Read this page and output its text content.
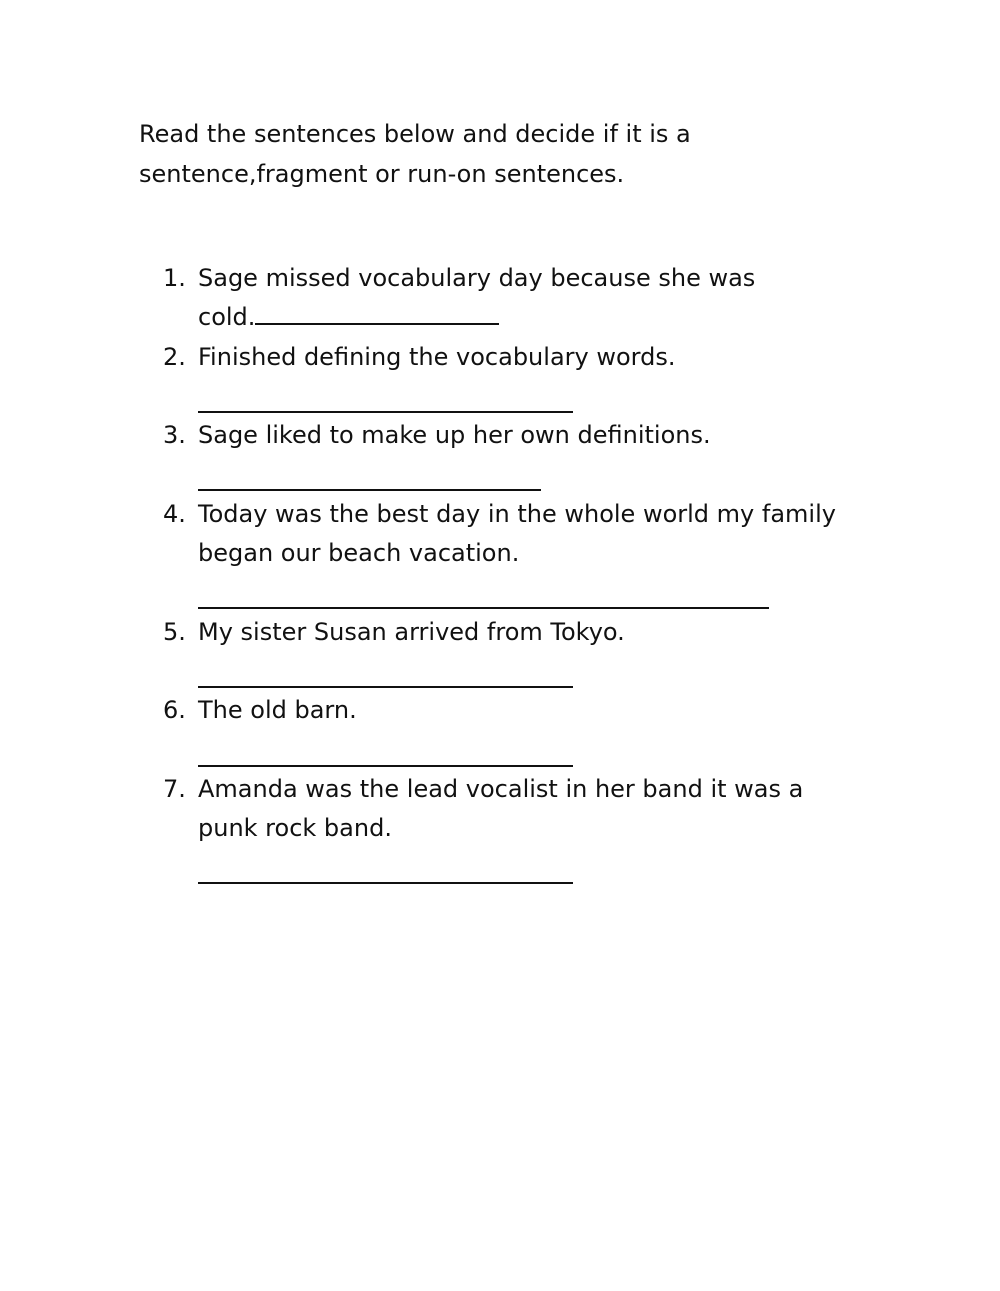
Read the sentences below and decide if it is a
sentence,fragment or run-on sentences.

1. Sage missed vocabulary day because she was
cold.
2. Finished defining the vocabulary words.
3. Sage liked to make up her own definitions.
4. Today was the best day in the whole world my family
began our beach vacation.
5. My sister Susan arrived from Tokyo.
6. The old barn.
7. Amanda was the lead vocalist in her band it was a
punk rock band.
